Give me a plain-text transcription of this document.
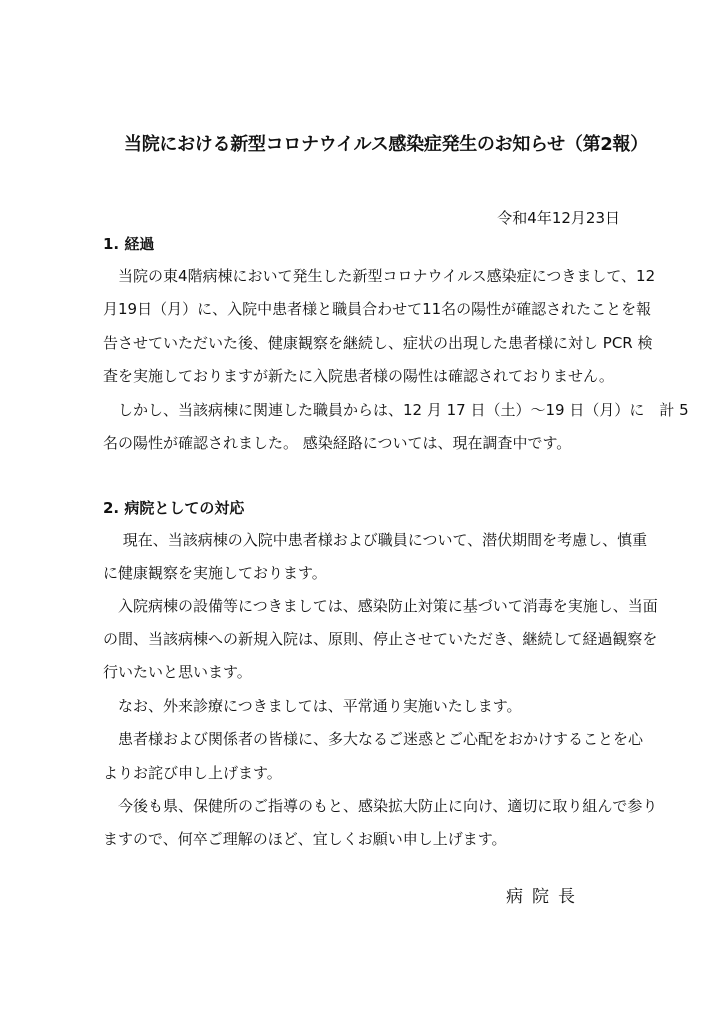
当院における新型コロナウイルス感染症発生のお知らせ（第2報）

令和4年12月23日

1. 経過

　当院の東4階病棟において発生した新型コロナウイルス感染症につきまして、12

月19日（月）に、入院中患者様と職員合わせて11名の陽性が確認されたことを報

告させていただいた後、健康観察を継続し、症状の出現した患者様に対し PCR 検

査を実施しておりますが新たに入院患者様の陽性は確認されておりません。

　しかし、当該病棟に関連した職員からは、12 月 17 日（土）～19 日（月）に　計 5

名の陽性が確認されました。 感染経路については、現在調査中です。

2. 病院としての対応

　 現在、当該病棟の入院中患者様および職員について、潜伏期間を考慮し、慎重

に健康観察を実施しております。

　入院病棟の設備等につきましては、感染防止対策に基づいて消毒を実施し、当面

の間、当該病棟への新規入院は、原則、停止させていただき、継続して経過観察を

行いたいと思います。

　なお、外来診療につきましては、平常通り実施いたします。

　患者様および関係者の皆様に、多大なるご迷惑とご心配をおかけすることを心

よりお詫び申し上げます。

　今後も県、保健所のご指導のもと、感染拡大防止に向け、適切に取り組んで参り

ますので、何卒ご理解のほど、宜しくお願い申し上げます。

病院長
